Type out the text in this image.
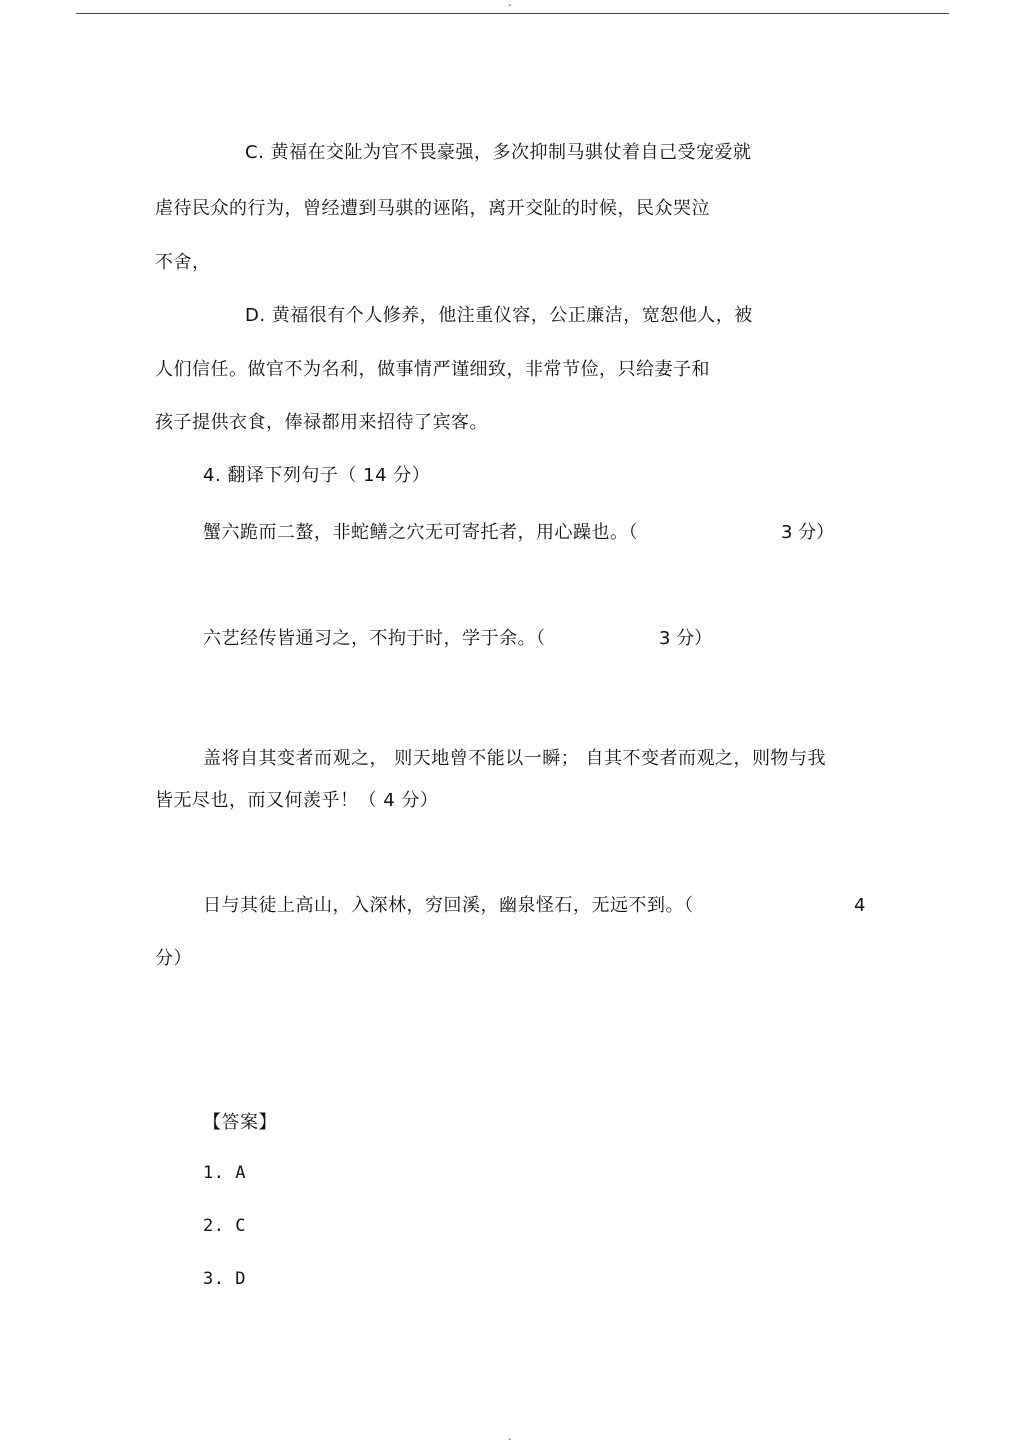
-
C. 黄福在交阯为官不畏豪强，多次抑制马骐仗着自己受宠爱就
虐待民众的行为，曾经遭到马骐的诬陷，离开交阯的时候，民众哭泣
不舍，
D. 黄福很有个人修养，他注重仪容，公正廉洁，宽恕他人，被
人们信任。做官不为名利，做事情严谨细致，非常节俭，只给妻子和
孩子提供衣食，俸禄都用来招待了宾客。
4. 翻译下列句子（ 14 分）
蟹六跪而二螯，非蛇鳝之穴无可寄托者，用心躁也。（	3 分）
六艺经传皆通习之，不拘于时，学于余。（	3 分）
盖将自其变者而观之， 则天地曾不能以一瞬； 自其不变者而观之，则物与我
皆无尽也，而又何羡乎！（ 4 分）
日与其徒上高山，入深林，穷回溪，幽泉怪石，无远不到。（	4
分）
【答案】
1. A
2. C
3. D
-
